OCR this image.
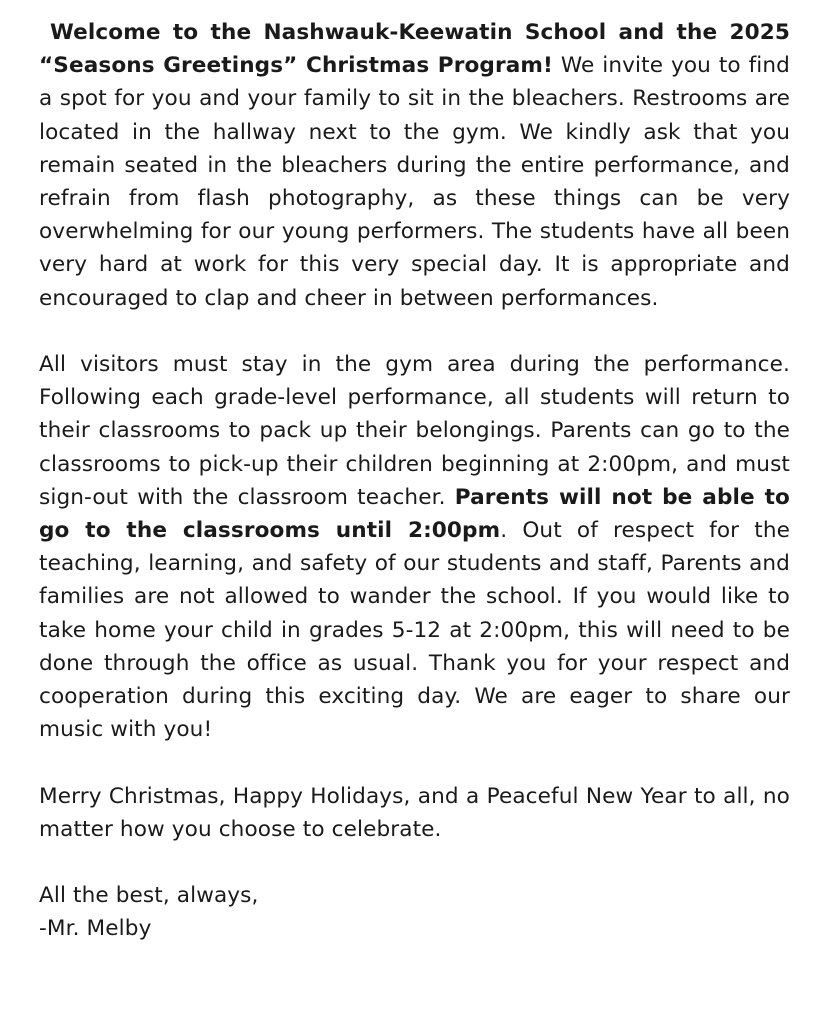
Welcome to the Nashwauk-Keewatin School and the 2025 “Seasons Greetings” Christmas Program! We invite you to find a spot for you and your family to sit in the bleachers. Restrooms are located in the hallway next to the gym. We kindly ask that you remain seated in the bleachers during the entire performance, and refrain from flash photography, as these things can be very overwhelming for our young performers. The students have all been very hard at work for this very special day. It is appropriate and encouraged to clap and cheer in between performances.

All visitors must stay in the gym area during the performance. Following each grade-level performance, all students will return to their classrooms to pack up their belongings. Parents can go to the classrooms to pick-up their children beginning at 2:00pm, and must sign-out with the classroom teacher. Parents will not be able to go to the classrooms until 2:00pm. Out of respect for the teaching, learning, and safety of our students and staff, Parents and families are not allowed to wander the school. If you would like to take home your child in grades 5-12 at 2:00pm, this will need to be done through the office as usual. Thank you for your respect and cooperation during this exciting day. We are eager to share our music with you!

Merry Christmas, Happy Holidays, and a Peaceful New Year to all, no matter how you choose to celebrate.

All the best, always,

-Mr. Melby
